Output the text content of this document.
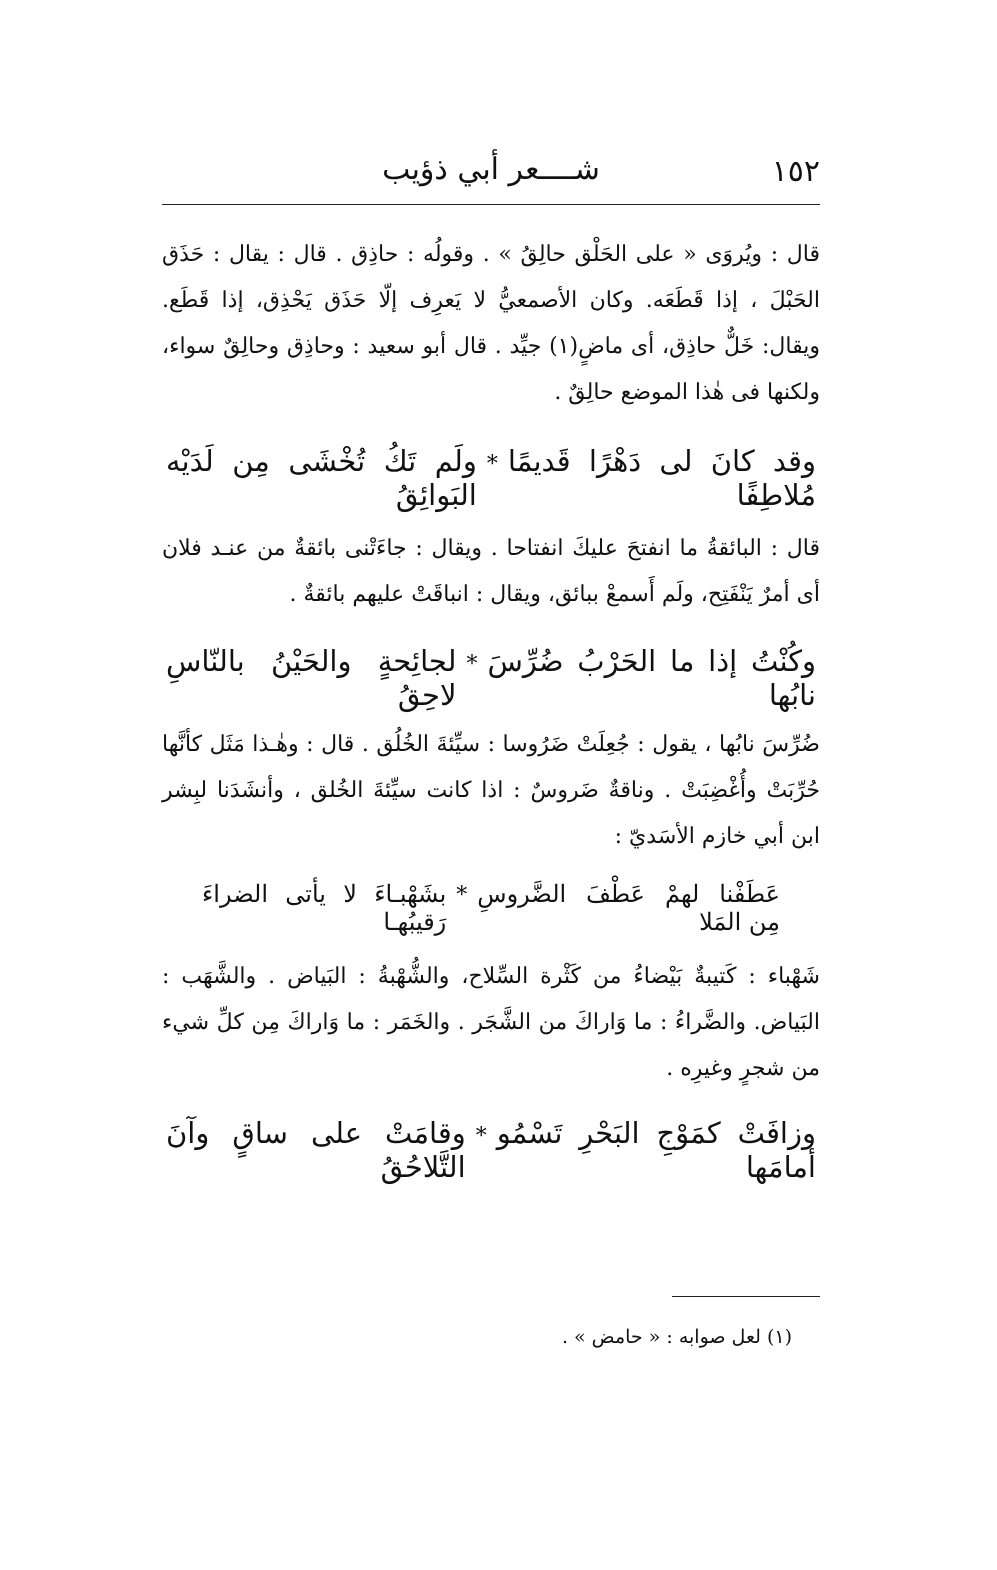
١٥٢
شــــعر أبي ذؤيب

قال : ويُروَى « على الحَلْق حالِقُ » . وقولُه : حاذِق . قال : يقال : حَذَق الحَبْلَ ، إذا قَطَعَه. وكان الأصمعيُّ لا يَعرِف إلّا حَذَق يَحْذِق، إذا قَطَع. ويقال: خَلٌّ حاذِق، أى ماضٍ(١) جيِّد . قال أبو سعيد : وحاذِق وحالِقٌ سواء، ولكنها فى هٰذا الموضع حالِقٌ .

وقد كانَ لى دَهْرًا قَديمًا مُلاطِفًا
*
ولَم تَكُ تُخْشَى مِن لَدَيْه البَوائِقُ

قال : البائقةُ ما انفتحَ عليكَ انفتاحا . ويقال : جاءَتْنى بائقةٌ من عنـد فلان أى أمرٌ يَنْفَتِح، ولَم أَسمعْ ببائق، ويقال : انباقَتْ عليهم بائقةٌ .

وكُنْتُ إذا ما الحَرْبُ ضُرِّسَ نابُها
*
لجائِحةٍ والحَيْنُ بالنّاسِ لاحِقُ

ضُرِّسَ نابُها ، يقول : جُعِلَتْ ضَرُوسا : سيِّئةَ الخُلُق . قال : وهٰـذا مَثَل كأنَّها حُرِّبَتْ وأُغْضِبَتْ . وناقةٌ ضَروسٌ : اذا كانت سيِّئةَ الخُلق ، وأنشَدَنا لبِشر ابن أبي خازم الأسَديّ :

عَطَفْنا لهمْ عَطْفَ الضَّروسِ مِن المَلا
*
بشَهْبـاءَ لا يأتى الضراءَ رَقيبُهـا

شَهْباء : كَتيبةٌ بَيْضاءُ من كَثْرة السِّلاح، والشُّهْبةُ : البَياض . والشَّهَب : البَياض. والضَّراءُ : ما وَاراكَ من الشَّجَر . والخَمَر : ما وَاراكَ مِن كلِّ شيء من شجرٍ وغيرِه .

وزافَتْ كمَوْجِ البَحْرِ تَسْمُو أمامَها
*
وقامَتْ على ساقٍ وآنَ التَّلاحُقُ
(١) لعل صوابه : « حامض » .
